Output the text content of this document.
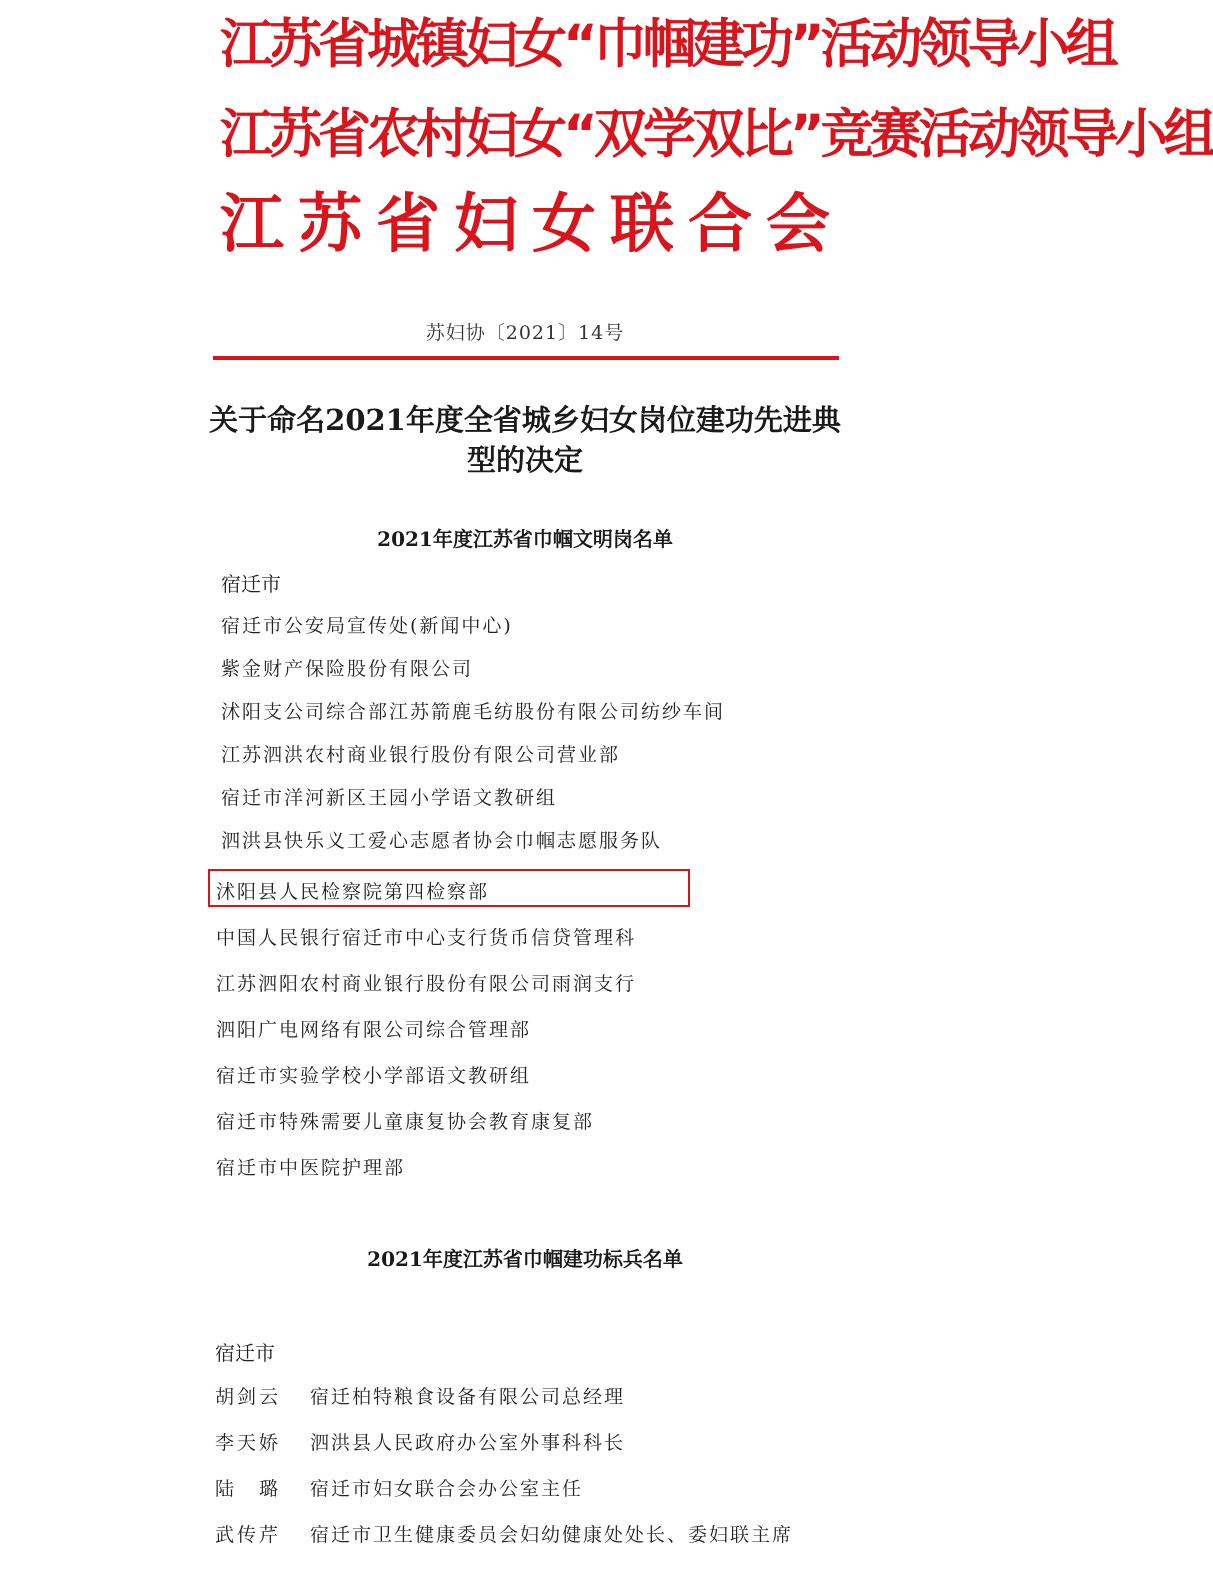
江苏省城镇妇女“巾帼建功”活动领导小组
江苏省农村妇女“双学双比”竞赛活动领导小组
江苏省妇女联合会
苏妇协〔2021〕14号
关于命名2021年度全省城乡妇女岗位建功先进典型的决定
2021年度江苏省巾帼文明岗名单
宿迁市
宿迁市公安局宣传处(新闻中心)
紫金财产保险股份有限公司
沭阳支公司综合部江苏箭鹿毛纺股份有限公司纺纱车间
江苏泗洪农村商业银行股份有限公司营业部
宿迁市洋河新区王园小学语文教研组
泗洪县快乐义工爱心志愿者协会巾帼志愿服务队
沭阳县人民检察院第四检察部
中国人民银行宿迁市中心支行货币信贷管理科
江苏泗阳农村商业银行股份有限公司雨润支行
泗阳广电网络有限公司综合管理部
宿迁市实验学校小学部语文教研组
宿迁市特殊需要儿童康复协会教育康复部
宿迁市中医院护理部
2021年度江苏省巾帼建功标兵名单
宿迁市
胡剑云 宿迁柏特粮食设备有限公司总经理
李天娇 泗洪县人民政府办公室外事科科长
陆　璐 宿迁市妇女联合会办公室主任
武传芹 宿迁市卫生健康委员会妇幼健康处处长、委妇联主席
